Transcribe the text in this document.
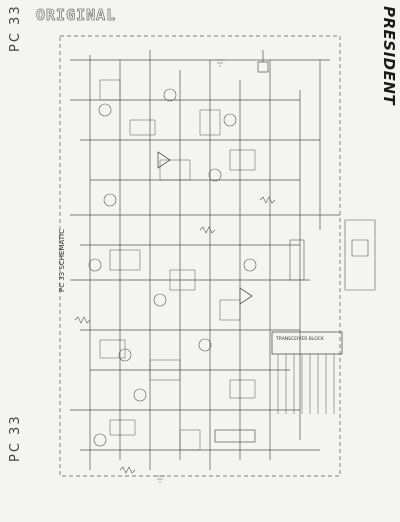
ORIGINAL
PC 33
PC 33
PRESIDENT
PC 33 SCHEMATIC
TRANSCEIVER BLOCK
